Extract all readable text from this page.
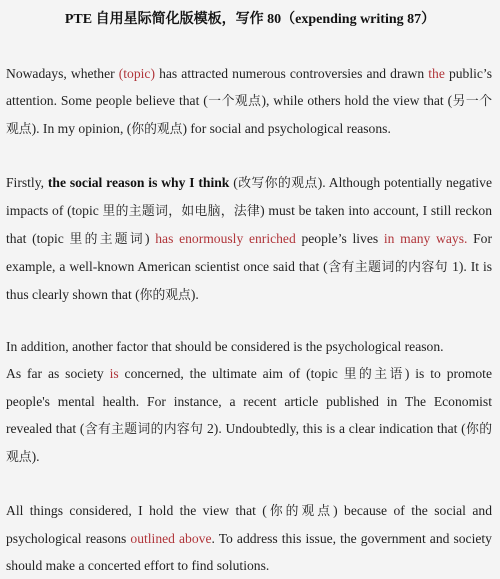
PTE 自用星际简化版模板，写作 80（expending writing 87）
Nowadays, whether (topic) has attracted numerous controversies and drawn the public’s attention. Some people believe that (一个观点), while others hold the view that (另一个观点). In my opinion, (你的观点) for social and psychological reasons.
Firstly, the social reason is why I think (改写你的观点). Although potentially negative impacts of (topic 里的主题词，如电脑，法律) must be taken into account, I still reckon that (topic 里的主题词) has enormously enriched people’s lives in many ways. For example, a well-known American scientist once said that (含有主题词的内容句 1). It is thus clearly shown that (你的观点).
In addition, another factor that should be considered is the psychological reason.
As far as society is concerned, the ultimate aim of (topic 里的主语) is to promote people's mental health. For instance, a recent article published in The Economist revealed that (含有主题词的内容句 2). Undoubtedly, this is a clear indication that (你的观点).
All things considered, I hold the view that (你的观点) because of the social and psychological reasons outlined above. To address this issue, the government and society should make a concerted effort to find solutions.
